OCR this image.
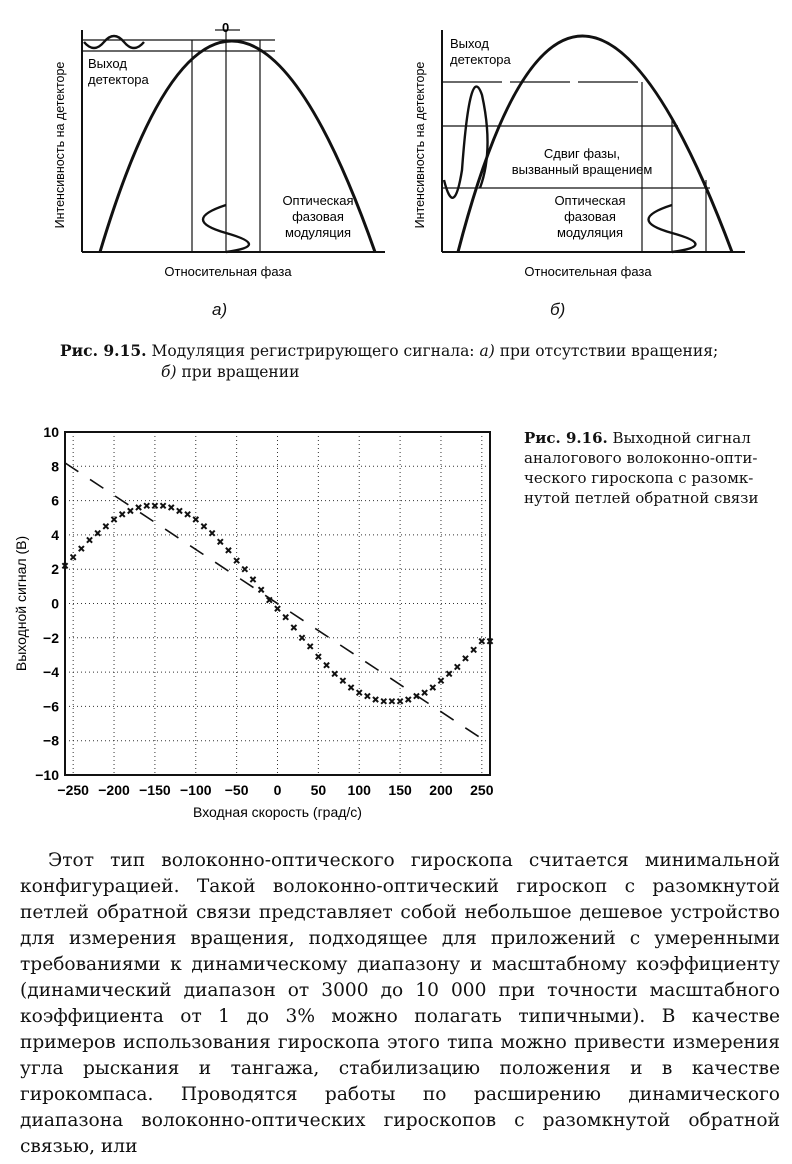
0
Выход
детектора
Оптическая
фазовая
модуляция
Интенсивность на детекторе
Относительная фаза
а)
Выход
детектора
Сдвиг фазы,
вызванный вращением
Оптическая
фазовая
модуляция
Интенсивность на детекторе
Относительная фаза
б)
Рис. 9.15. Модуляция регистрирующего сигнала: а) при отсутствии вращения;
б) при вращении
10
8
6
4
2
0
−2
−4
−6
−8
−10
−250 −200 −150 −100 −50 0 50 100 150 200 250
Входная скорость (град/с)
Выходной сигнал (В)
Рис. 9.16. Выходной сигнал
аналогового волоконно-опти-
ческого гироскопа с разомк-
нутой петлей обратной связи
Этот тип волоконно-оптического гироскопа считается минимальной конфигурацией. Такой волоконно-оптический гироскоп с разомкнутой петлей обратной связи представляет собой небольшое дешевое устройство для измерения вращения, подходящее для приложений с умеренными требованиями к динамическому диапазону и масштабному коэффициенту (динамический диапазон от 3000 до 10 000 при точности масштабного коэффициента от 1 до 3% можно полагать типичными). В качестве примеров использования гироскопа этого типа можно привести измерения угла рыскания и тангажа, стабилизацию положения и в качестве гирокомпаса. Проводятся работы по расширению динамического диапазона волоконно-оптических гироскопов с разомкнутой обратной связью, или
